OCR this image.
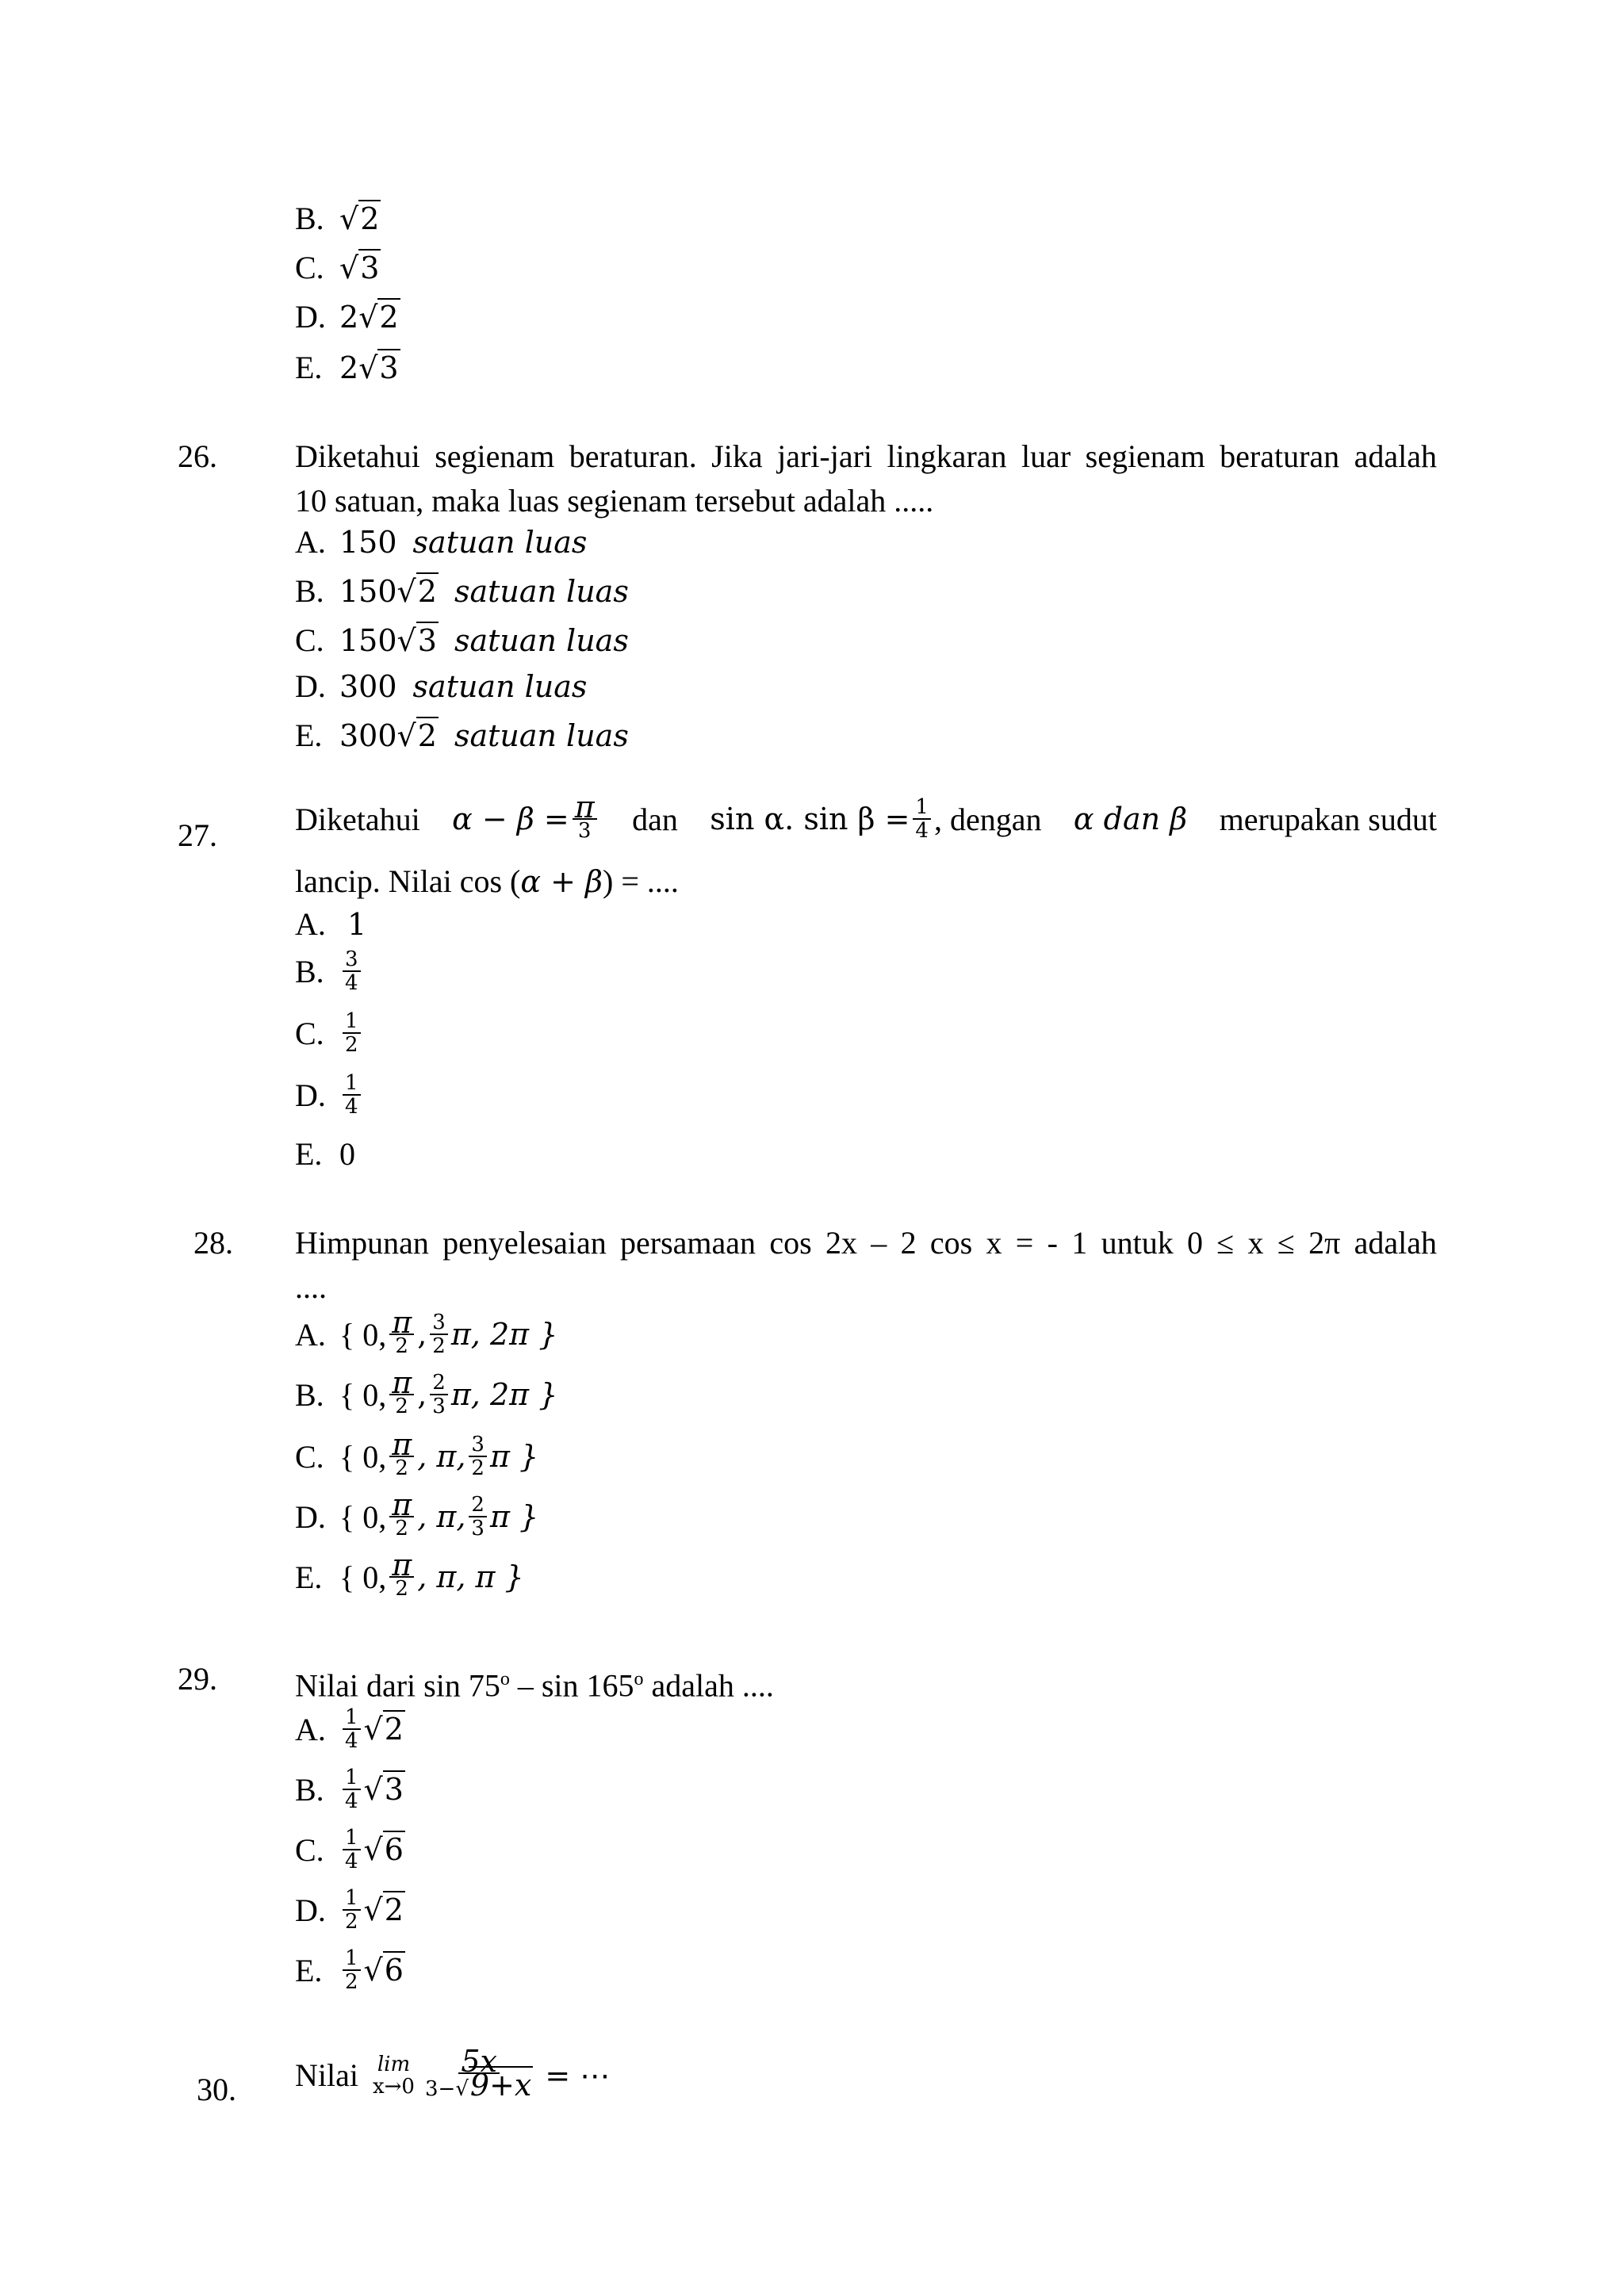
B. √2
C. √3
D. 2 √2
E. 2 √3
26. Diketahui segienam beraturan. Jika jari-jari lingkaran luar segienam beraturan adalah
10 satuan, maka luas segienam tersebut adalah .....
A. 150
satuan luas
B. 150 √2
satuan luas
C. 150 √3
satuan luas
D. 300
satuan luas
E. 300 √2
satuan luas
27. Diketahui $\alpha - \beta = \frac{\pi}{3}$ dan sin α. $\sin \beta = \frac{1}{4}$ , dengan α dan β merupakan sudut
lancip. Nilai cos (α + β) = ....
A.
1
B. $\frac{3}{4}$
C. $\frac{1}{2}$
D. $\frac{1}{4}$
E. 0
28. Himpunan penyelesaian persamaan cos 2x – 2 cos x = - 1 untuk 0 ≤ x ≤ 2π adalah
....
A. { 0, $\frac{\pi}{2}$ , $\frac{3}{2} \pi$, 2π }
B. { 0, $\frac{\pi}{2}$ , $\frac{2}{3} \pi$, 2π }
C. { 0, $\frac{\pi}{2}$ , π, $\frac{3}{2}$ π }
D. { 0, $\frac{\pi}{2}$ , π, $\frac{2}{3}$ π }
E. { 0, $\frac{\pi}{2}$ , π, π }
29. Nilai dari sin 75$^o$ – sin 165$^o$ adalah ....
A. $\frac{1}{4} √2$
B. $\frac{1}{4} √3$
C. $\frac{1}{4} √6$
D. $\frac{1}{2} √2$
E. $\frac{1}{2} √6$
30. Nilai lim
$x\to 0 \frac{5x}{3-√9+x}$ = ⋯
